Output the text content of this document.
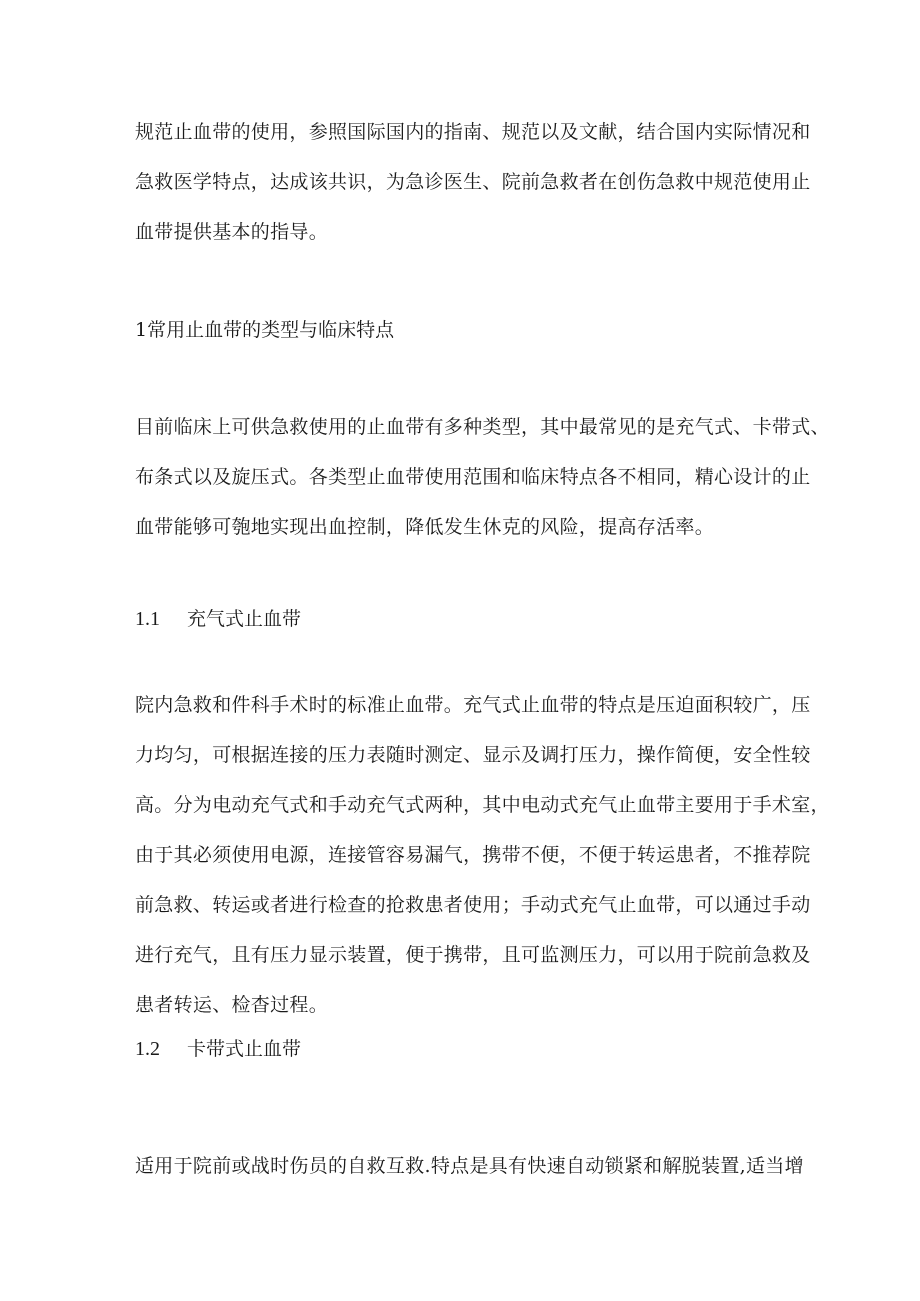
规范止血带的使用，参照国际国内的指南、规范以及文献，结合国内实际情况和
急救医学特点，达成该共识，为急诊医生、院前急救者在创伤急救中规范使用止
血带提供基本的指导。
1常用止血带的类型与临床特点
目前临床上可供急救使用的止血带有多种类型，其中最常见的是充气式、卡带式、
布条式以及旋压式。各类型止血带使用范围和临床特点各不相同，精心设计的止
血带能够可匏地实现出血控制，降低发生休克的风险，提高存活率。
1.1 充气式止血带
院内急救和件科手术时的标准止血带。充气式止血带的特点是压迫面积较广，压
力均匀，可根据连接的压力表随时测定、显示及调打压力，操作简便，安全性较
高。分为电动充气式和手动充气式两种，其中电动式充气止血带主要用于手术室，
由于其必须使用电源，连接管容易漏气，携带不便，不便于转运患者，不推荐院
前急救、转运或者进行检查的抢救患者使用；手动式充气止血带，可以通过手动
进行充气，且有压力显示装置，便于携带，且可监测压力，可以用于院前急救及
患者转运、检杳过程。
1.2 卡带式止血带
适用于院前或战时伤员的自救互救.特点是具有快速自动锁紧和解脱装置,适当增
